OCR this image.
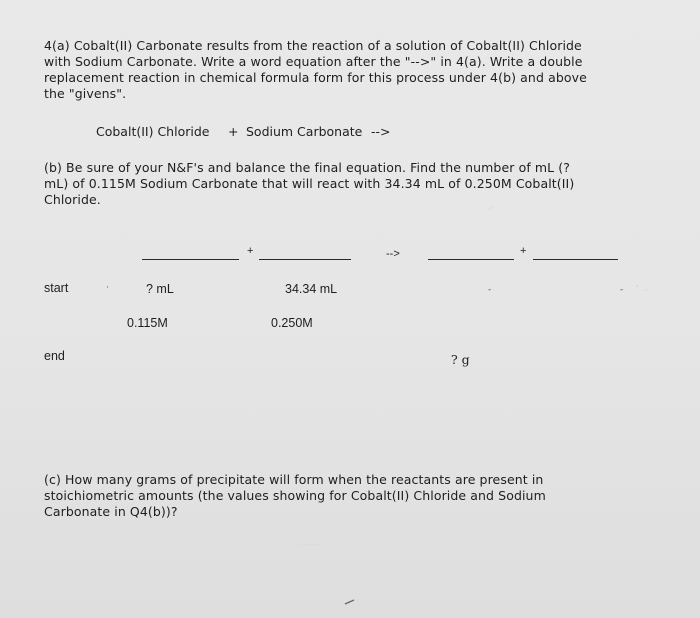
4(a) Cobalt(II) Carbonate results from the reaction of a solution of Cobalt(II) Chloride
with Sodium Carbonate. Write a word equation after the "-->" in 4(a). Write a double
replacement reaction in chemical formula form for this process under 4(b) and above
the "givens".
Cobalt(II) Chloride + Sodium Carbonate -->
(b) Be sure of your N&F's and balance the final equation. Find the number of mL (?
mL) of 0.115M Sodium Carbonate that will react with 34.34 mL of 0.250M Cobalt(II)
Chloride.
+	-->	+
start	·	? mL	34.34 mL	-	- · ·
0.115M	0.250M
end	? g
(c) How many grams of precipitate will form when the reactants are present in
stoichiometric amounts (the values showing for Cobalt(II) Chloride and Sodium
Carbonate in Q4(b))?
⸝
⁓⁓ ·
